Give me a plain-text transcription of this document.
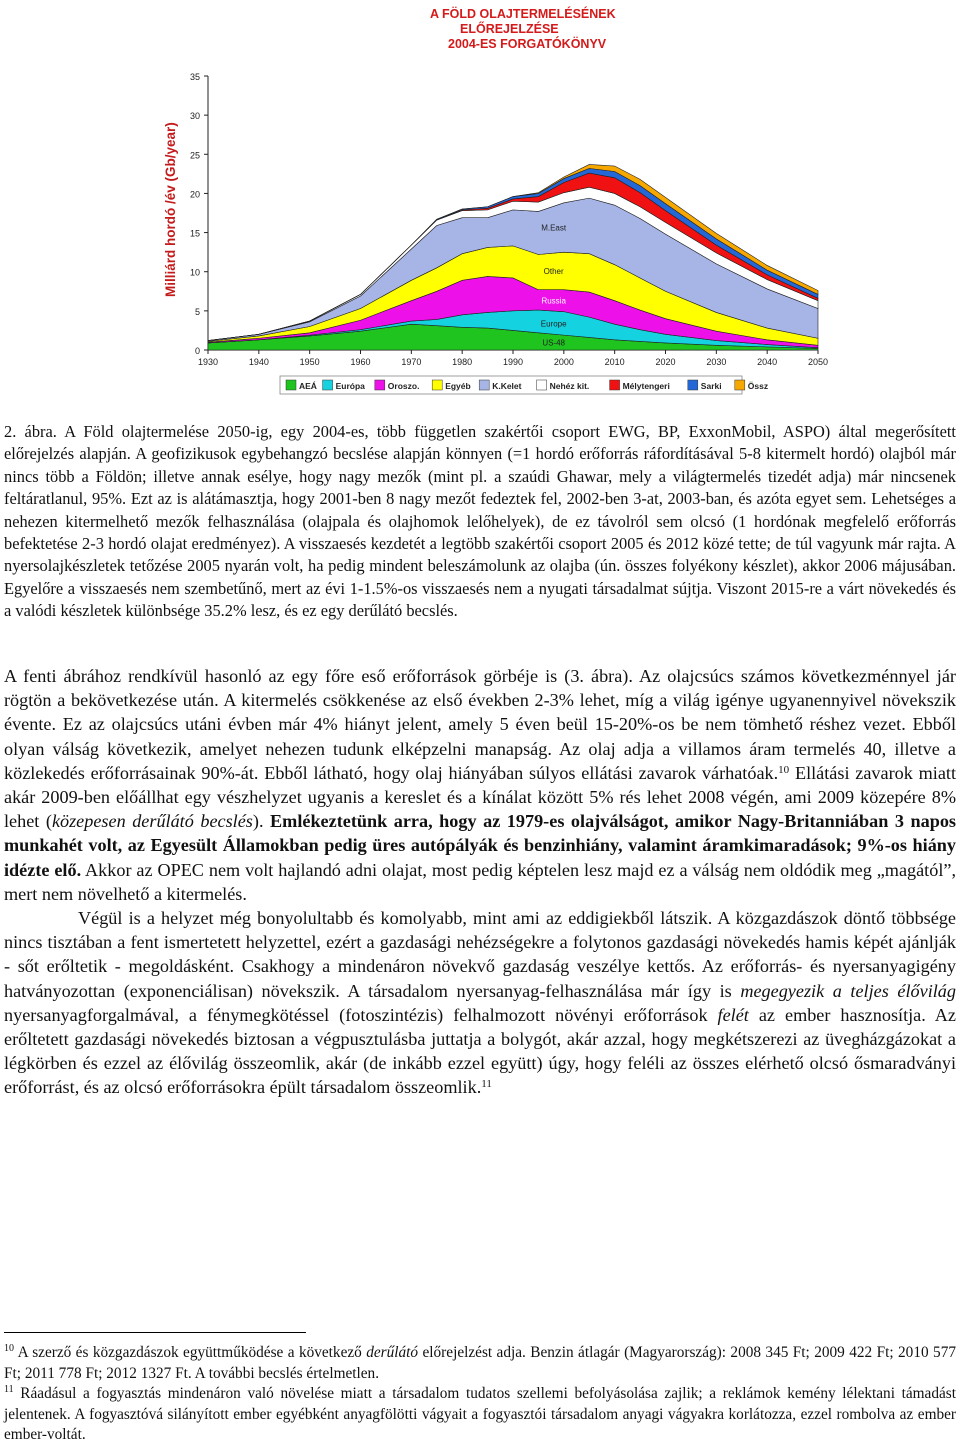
A FÖLD OLAJTERMELÉSÉNEK
ELŐREJELZÉSE
2004-ES FORGATÓKÖNYV
Milliárd hordó /év (Gb/year)
0
5
10
15
20
25
30
35
1930	1940	1950	1960	1970	1980	1990	2000	2010	2020	2030	2040	2050
US-48
Europe
Russia
Other
M.East
AEÁ Európa	Oroszo.	Egyéb	K.Kelet	Nehéz kit.	Mélytengeri	Sarki	Össz
2. ábra. A Föld olajtermelése 2050-ig, egy 2004-es, több független szakértői csoport EWG, BP, ExxonMobil, ASPO) által megerősített előrejelzés alapján. A geofizikusok egybehangzó becslése alapján könnyen (=1 hordó erőforrás ráfordításával 5-8 kitermelt hordó) olajból már nincs több a Földön; illetve annak esélye, hogy nagy mezők (mint pl. a szaúdi Ghawar, mely a világtermelés tizedét adja) már nincsenek feltáratlanul, 95%. Ezt az is alátámasztja, hogy 2001-ben 8 nagy mezőt fedeztek fel, 2002-ben 3-at, 2003-ban, és azóta egyet sem. Lehetséges a nehezen kitermelhető mezők felhasználása (olajpala és olajhomok lelőhelyek), de ez távolról sem olcsó (1 hordónak megfelelő erőforrás befektetése 2-3 hordó olajat eredményez). A visszaesés kezdetét a legtöbb szakértői csoport 2005 és 2012 közé tette; de túl vagyunk már rajta. A nyersolajkészletek tetőzése 2005 nyarán volt, ha pedig mindent beleszámolunk az olajba (ún. összes folyékony készlet), akkor 2006 májusában. Egyelőre a visszaesés nem szembetűnő, mert az évi 1-1.5%-os visszaesés nem a nyugati társadalmat sújtja. Viszont 2015-re a várt növekedés és a valódi készletek különbsége 35.2% lesz, és ez egy derűlátó becslés.

A fenti ábrához rendkívül hasonló az egy főre eső erőforrások görbéje is (3. ábra). Az olajcsúcs számos következménnyel jár rögtön a bekövetkezése után. A kitermelés csökkenése az első években 2-3% lehet, míg a világ igénye ugyanennyivel növekszik évente. Ez az olajcsúcs utáni évben már 4% hiányt jelent, amely 5 éven beül 15-20%-os be nem tömhető réshez vezet. Ebből olyan válság következik, amelyet nehezen tudunk elképzelni manapság. Az olaj adja a villamos áram termelés 40, illetve a közlekedés erőforrásainak 90%-át. Ebből látható, hogy olaj hiányában súlyos ellátási zavarok várhatóak.$^{10}$ Ellátási zavarok miatt akár 2009-ben előállhat egy vészhelyzet ugyanis a kereslet és a kínálat között 5% rés lehet 2008 végén, ami 2009 közepére 8% lehet (közepesen derűlátó becslés). Emlékeztetünk arra, hogy az 1979-es olajválságot, amikor Nagy-Britanniában 3 napos munkahét volt, az Egyesült Államokban pedig üres autópályák és benzinhiány, valamint áramkimaradások; 9%-os hiány idézte elő. Akkor az OPEC nem volt hajlandó adni olajat, most pedig képtelen lesz majd ez a válság nem oldódik meg „magától”, mert nem növelhető a kitermelés.

Végül is a helyzet még bonyolultabb és komolyabb, mint ami az eddigiekből látszik. A közgazdászok döntő többsége nincs tisztában a fent ismertetett helyzettel, ezért a gazdasági nehézségekre a folytonos gazdasági növekedés hamis képét ajánlják - sőt erőltetik - megoldásként. Csakhogy a mindenáron növekvő gazdaság veszélye kettős. Az erőforrás- és nyersanyagigény hatványozottan (exponenciálisan) növekszik. A társadalom nyersanyag-felhasználása már így is megegyezik a teljes élővilág nyersanyagforgalmával, a fénymegkötéssel (fotoszintézis) felhalmozott növényi erőforrások felét az ember hasznosítja. Az erőltetett gazdasági növekedés biztosan a végpusztulásba juttatja a bolygót, akár azzal, hogy megkétszerezi az üvegházgázokat a légkörben és ezzel az élővilág összeomlik, akár (de inkább ezzel együtt) úgy, hogy feléli az összes elérhető olcsó ősmaradványi erőforrást, és az olcsó erőforrásokra épült társadalom összeomlik.$^{11}$

$^{10}$ A szerző és közgazdászok együttműködése a következő derűlátó előrejelzést adja. Benzin átlagár (Magyarország): 2008 345 Ft; 2009 422 Ft; 2010 577 Ft; 2011 778 Ft; 2012 1327 Ft. A további becslés értelmetlen.

$^{11}$ Ráadásul a fogyasztás mindenáron való növelése miatt a társadalom tudatos szellemi befolyásolása zajlik; a reklámok kemény lélektani támadást jelentenek. A fogyasztóvá silányított ember egyébként anyagfölötti vágyait a fogyasztói társadalom anyagi vágyakra korlátozza, ezzel rombolva az ember ember-voltát.
